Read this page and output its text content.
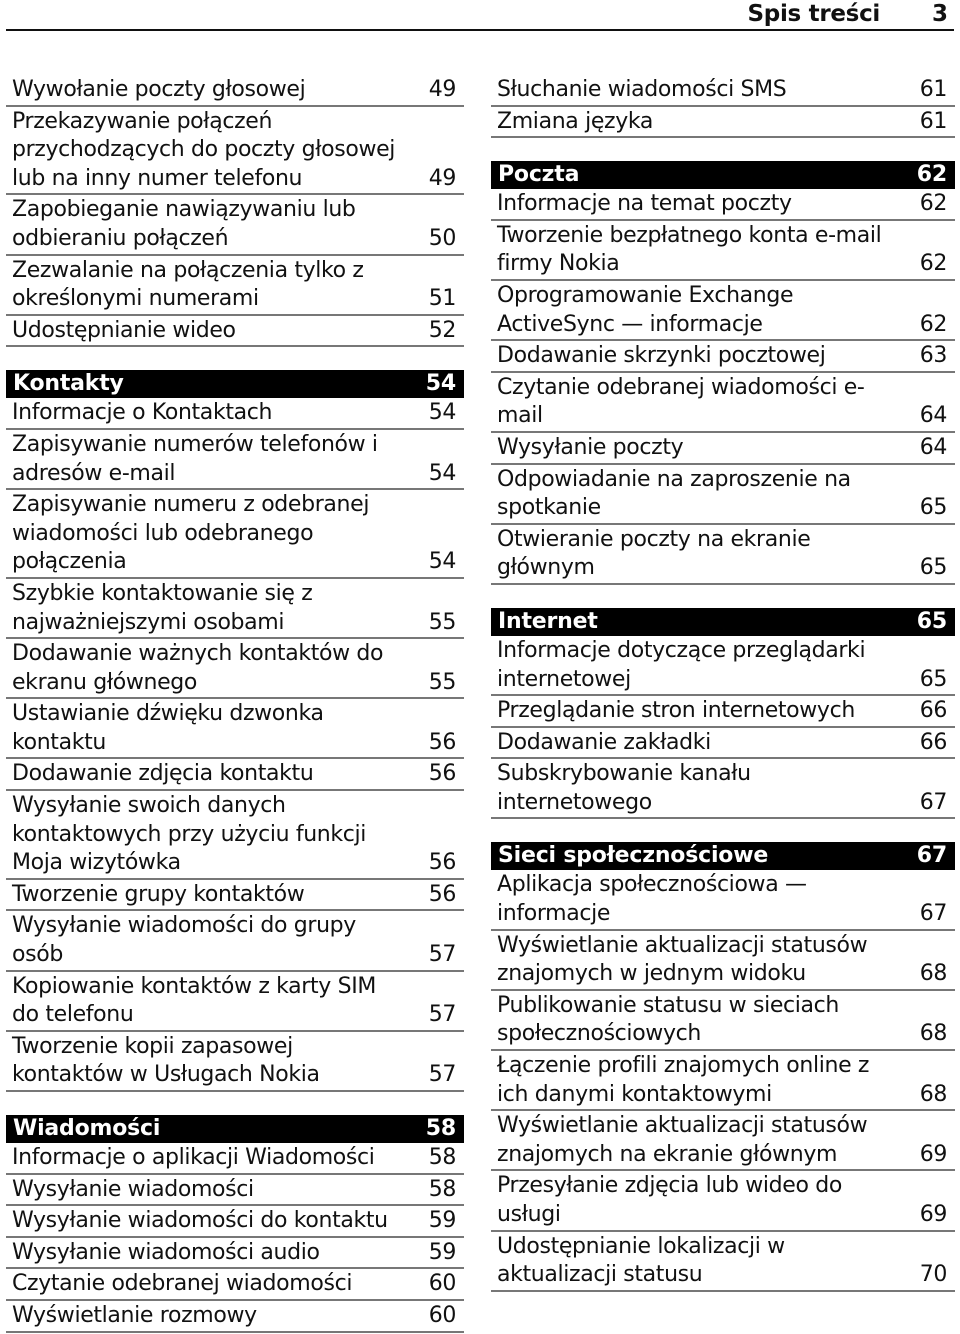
Spis treści 3
Wywołanie poczty głosowej	49
Przekazywanie połączeń przychodzących do poczty głosowej lub na inny numer telefonu	49
Zapobieganie nawiązywaniu lub odbieraniu połączeń	50
Zezwalanie na połączenia tylko z określonymi numerami	51
Udostępnianie wideo	52
Kontakty	54
Informacje o Kontaktach	54
Zapisywanie numerów telefonów i adresów e-mail	54
Zapisywanie numeru z odebranej wiadomości lub odebranego połączenia	54
Szybkie kontaktowanie się z najważniejszymi osobami	55
Dodawanie ważnych kontaktów do ekranu głównego	55
Ustawianie dźwięku dzwonka kontaktu	56
Dodawanie zdjęcia kontaktu	56
Wysyłanie swoich danych kontaktowych przy użyciu funkcji Moja wizytówka	56
Tworzenie grupy kontaktów	56
Wysyłanie wiadomości do grupy osób	57
Kopiowanie kontaktów z karty SIM do telefonu	57
Tworzenie kopii zapasowej kontaktów w Usługach Nokia	57
Wiadomości	58
Informacje o aplikacji Wiadomości	58
Wysyłanie wiadomości	58
Wysyłanie wiadomości do kontaktu	59
Wysyłanie wiadomości audio	59
Czytanie odebranej wiadomości	60
Wyświetlanie rozmowy	60
Słuchanie wiadomości SMS	61
Zmiana języka	61
Poczta	62
Informacje na temat poczty	62
Tworzenie bezpłatnego konta e-mail firmy Nokia	62
Oprogramowanie Exchange ActiveSync — informacje	62
Dodawanie skrzynki pocztowej	63
Czytanie odebranej wiadomości e-mail	64
Wysyłanie poczty	64
Odpowiadanie na zaproszenie na spotkanie	65
Otwieranie poczty na ekranie głównym	65
Internet	65
Informacje dotyczące przeglądarki internetowej	65
Przeglądanie stron internetowych	66
Dodawanie zakładki	66
Subskrybowanie kanału internetowego	67
Sieci społecznościowe	67
Aplikacja społecznościowa — informacje	67
Wyświetlanie aktualizacji statusów znajomych w jednym widoku	68
Publikowanie statusu w sieciach społecznościowych	68
Łączenie profili znajomych online z ich danymi kontaktowymi	68
Wyświetlanie aktualizacji statusów znajomych na ekranie głównym	69
Przesyłanie zdjęcia lub wideo do usługi	69
Udostępnianie lokalizacji w aktualizacji statusu	70
